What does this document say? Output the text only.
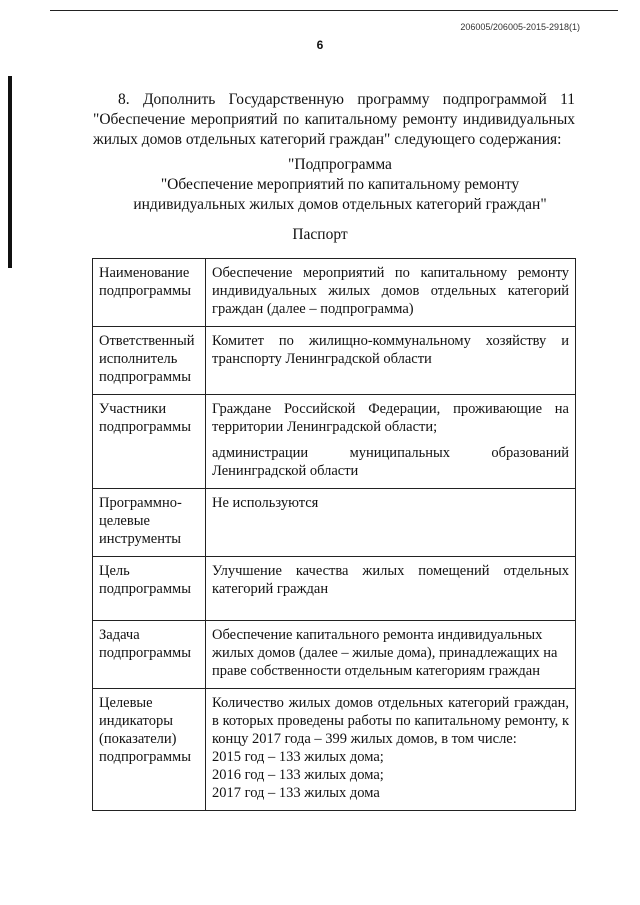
206005/206005-2015-2918(1)
6
8. Дополнить Государственную программу подпрограммой 11 "Обеспечение мероприятий по капитальному ремонту индивидуальных жилых домов отдельных категорий граждан" следующего содержания:
"Подпрограмма
"Обеспечение мероприятий по капитальному ремонту
индивидуальных жилых домов отдельных категорий граждан"
Паспорт
Наименование подпрограммы	Обеспечение мероприятий по капитальному ремонту индивидуальных жилых домов отдельных категорий граждан (далее – подпрограмма)

Ответственный исполнитель подпрограммы	Комитет по жилищно-коммунальному хозяйству и транспорту Ленинградской области

Участники подпрограммы	Граждане Российской Федерации, проживающие на территории Ленинградской области;

администрации муниципальных образований Ленинградской области

Программно-целевые инструменты	Не используются

Цель подпрограммы	Улучшение качества жилых помещений отдельных категорий граждан

Задача подпрограммы	Обеспечение капитального ремонта индивидуальных жилых домов (далее – жилые дома), принадлежащих на праве собственности отдельным категориям граждан

Целевые индикаторы (показатели) подпрограммы	Количество жилых домов отдельных категорий граждан, в которых проведены работы по капитальному ремонту, к концу 2017 года – 399 жилых домов, в том числе:

2015 год – 133 жилых дома;

2016 год – 133 жилых дома;

2017 год – 133 жилых дома
